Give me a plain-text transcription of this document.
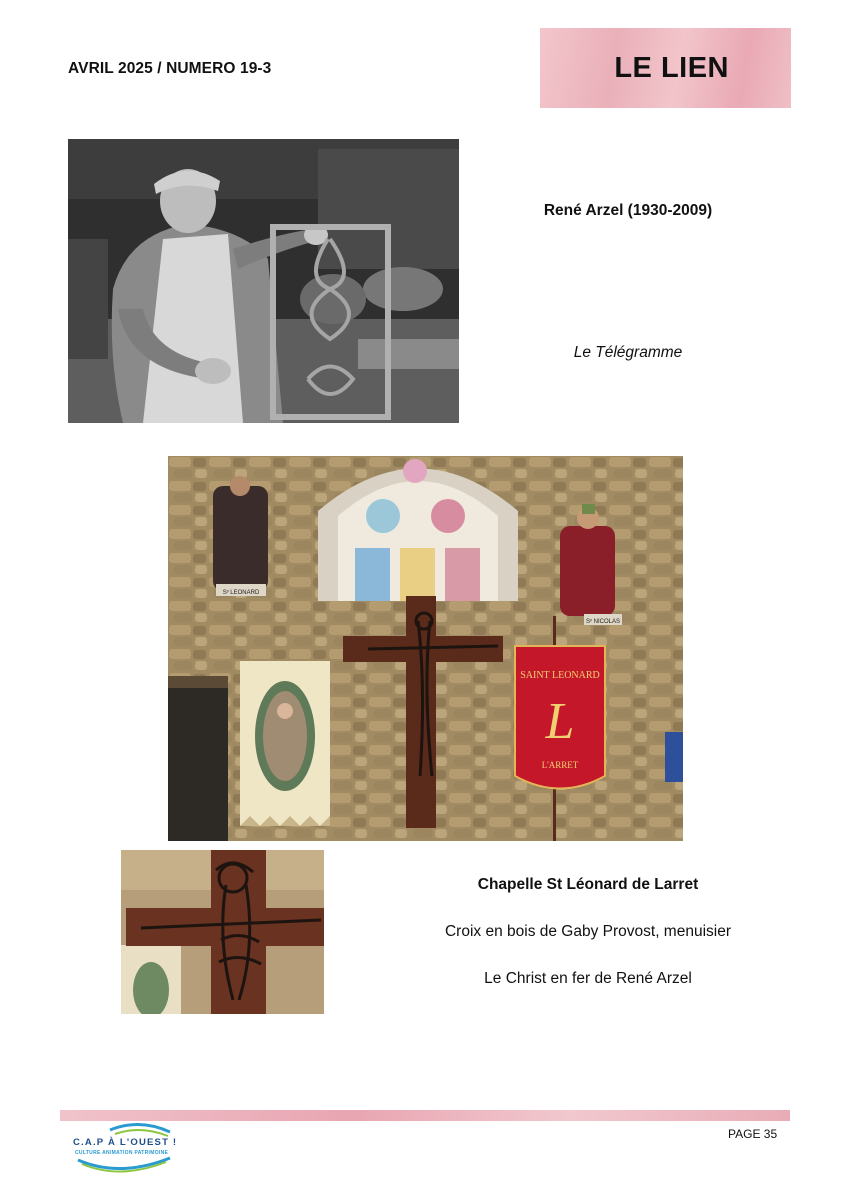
AVRIL 2025 / NUMERO 19-3	LE LIEN
René Arzel (1930-2009)
Le Télégramme
Sᵛ LEONARD
Sᵛ NICOLAS
SAINT LEONARD
L
L'ARRET
Chapelle St Léonard de Larret
Croix en bois de Gaby Provost, menuisier
Le Christ en fer de René Arzel
C.A.P À L'OUEST !
CULTURE ANIMATION PATRIMOINE
PAGE 35
